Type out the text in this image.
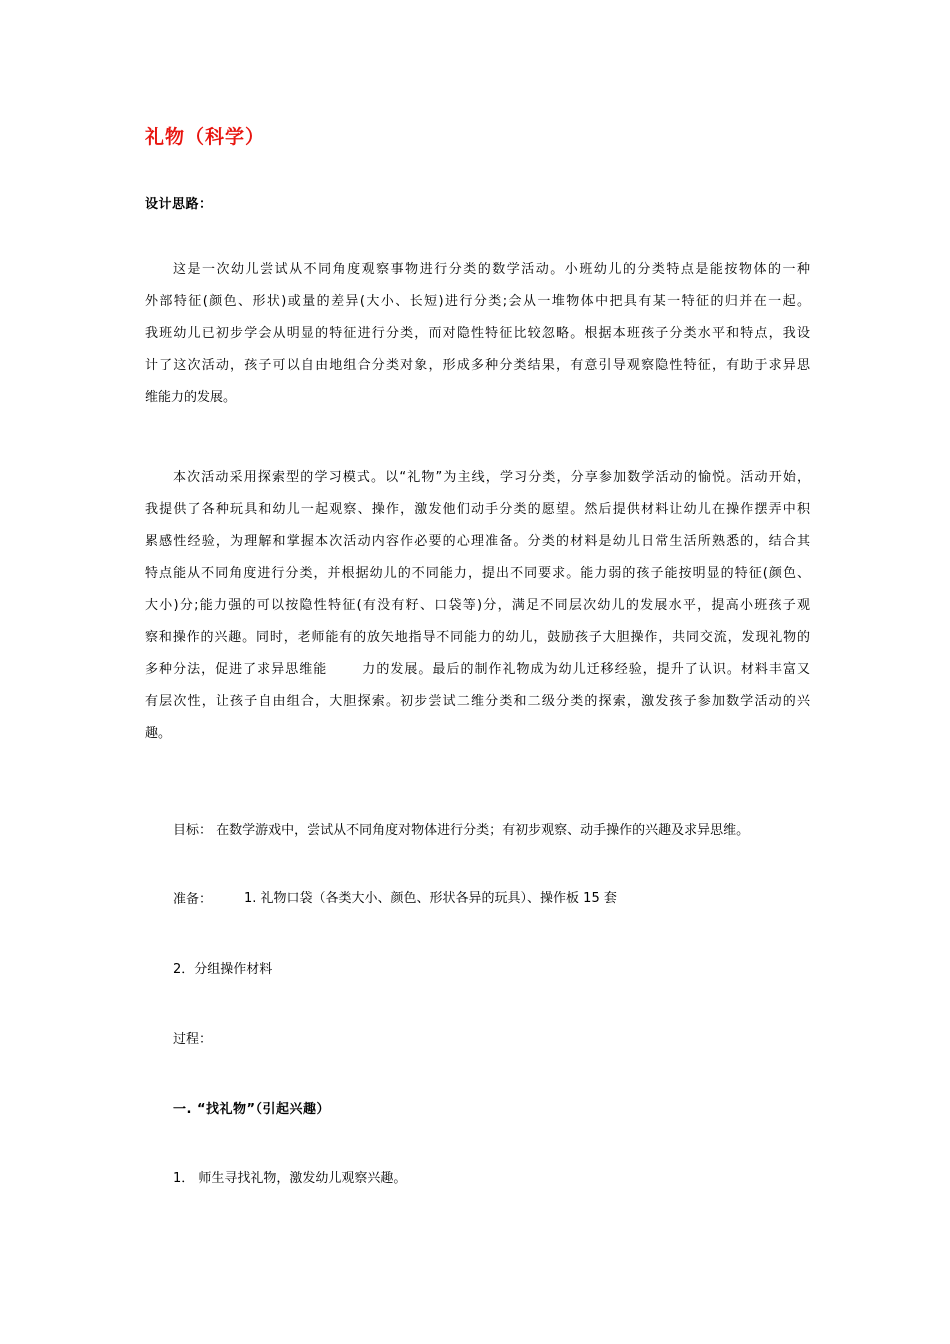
礼物（科学）
设计思路：
这是一次幼儿尝试从不同角度观察事物进行分类的数学活动。小班幼儿的分类特点是能按物体的一种
外部特征(颜色、形状)或量的差异(大小、长短)进行分类;会从一堆物体中把具有某一特征的归并在一起。
我班幼儿已初步学会从明显的特征进行分类，而对隐性特征比较忽略。根据本班孩子分类水平和特点，我设
计了这次活动，孩子可以自由地组合分类对象，形成多种分类结果，有意引导观察隐性特征，有助于求异思
维能力的发展。
本次活动采用探索型的学习模式。以“礼物”为主线，学习分类，分享参加数学活动的愉悦。活动开始，
我提供了各种玩具和幼儿一起观察、操作，激发他们动手分类的愿望。然后提供材料让幼儿在操作摆弄中积
累感性经验，为理解和掌握本次活动内容作必要的心理准备。分类的材料是幼儿日常生活所熟悉的，结合其
特点能从不同角度进行分类，并根据幼儿的不同能力，提出不同要求。能力弱的孩子能按明显的特征(颜色、
大小)分;能力强的可以按隐性特征(有没有籽、口袋等)分，满足不同层次幼儿的发展水平，提高小班孩子观
察和操作的兴趣。同时，老师能有的放矢地指导不同能力的幼儿，鼓励孩子大胆操作，共同交流，发现礼物的
多种分法，促进了求异思维能	力的发展。最后的制作礼物成为幼儿迁移经验，提升了认识。材料丰富又
有层次性，让孩子自由组合，大胆探索。初步尝试二维分类和二级分类的探索，激发孩子参加数学活动的兴
趣。
目标： 在数学游戏中，尝试从不同角度对物体进行分类；有初步观察、动手操作的兴趣及求异思维。
准备： 1. 礼物口袋（各类大小、颜色、形状各异的玩具）、操作板 15 套
2．分组操作材料
过程：
一. “找礼物”（引起兴趣）
1． 师生寻找礼物，激发幼儿观察兴趣。
